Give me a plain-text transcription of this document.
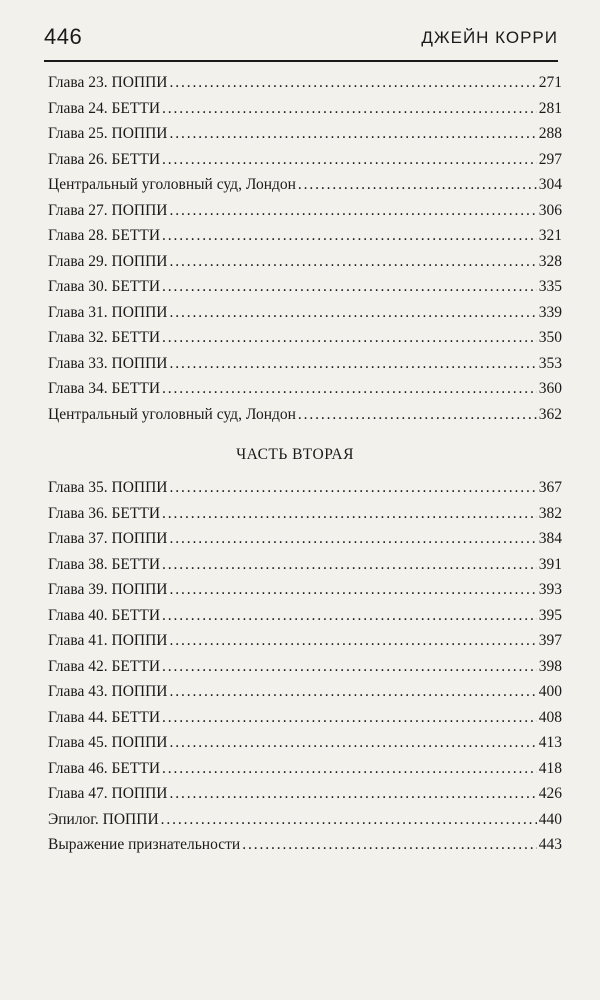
446	ДЖЕЙН КОРРИ
Глава 23. ПОППИ . . .	271
Глава 24. БЕТТИ . . .	281
Глава 25. ПОППИ . . .	288
Глава 26. БЕТТИ . . .	297
Центральный уголовный суд, Лондон . . .	304
Глава 27. ПОППИ . . .	306
Глава 28. БЕТТИ . . .	321
Глава 29. ПОППИ . . .	328
Глава 30. БЕТТИ . . .	335
Глава 31. ПОППИ . . .	339
Глава 32. БЕТТИ . . .	350
Глава 33. ПОППИ . . .	353
Глава 34. БЕТТИ . . .	360
Центральный уголовный суд, Лондон . . .	362
ЧАСТЬ ВТОРАЯ
Глава 35. ПОППИ . . .	367
Глава 36. БЕТТИ . . .	382
Глава 37. ПОППИ . . .	384
Глава 38. БЕТТИ . . .	391
Глава 39. ПОППИ . . .	393
Глава 40. БЕТТИ . . .	395
Глава 41. ПОППИ . . .	397
Глава 42. БЕТТИ . . .	398
Глава 43. ПОППИ . . .	400
Глава 44. БЕТТИ . . .	408
Глава 45. ПОППИ . . .	413
Глава 46. БЕТТИ . . .	418
Глава 47. ПОППИ . . .	426
Эпилог. ПОППИ . . .	440
Выражение признательности . . .	443
